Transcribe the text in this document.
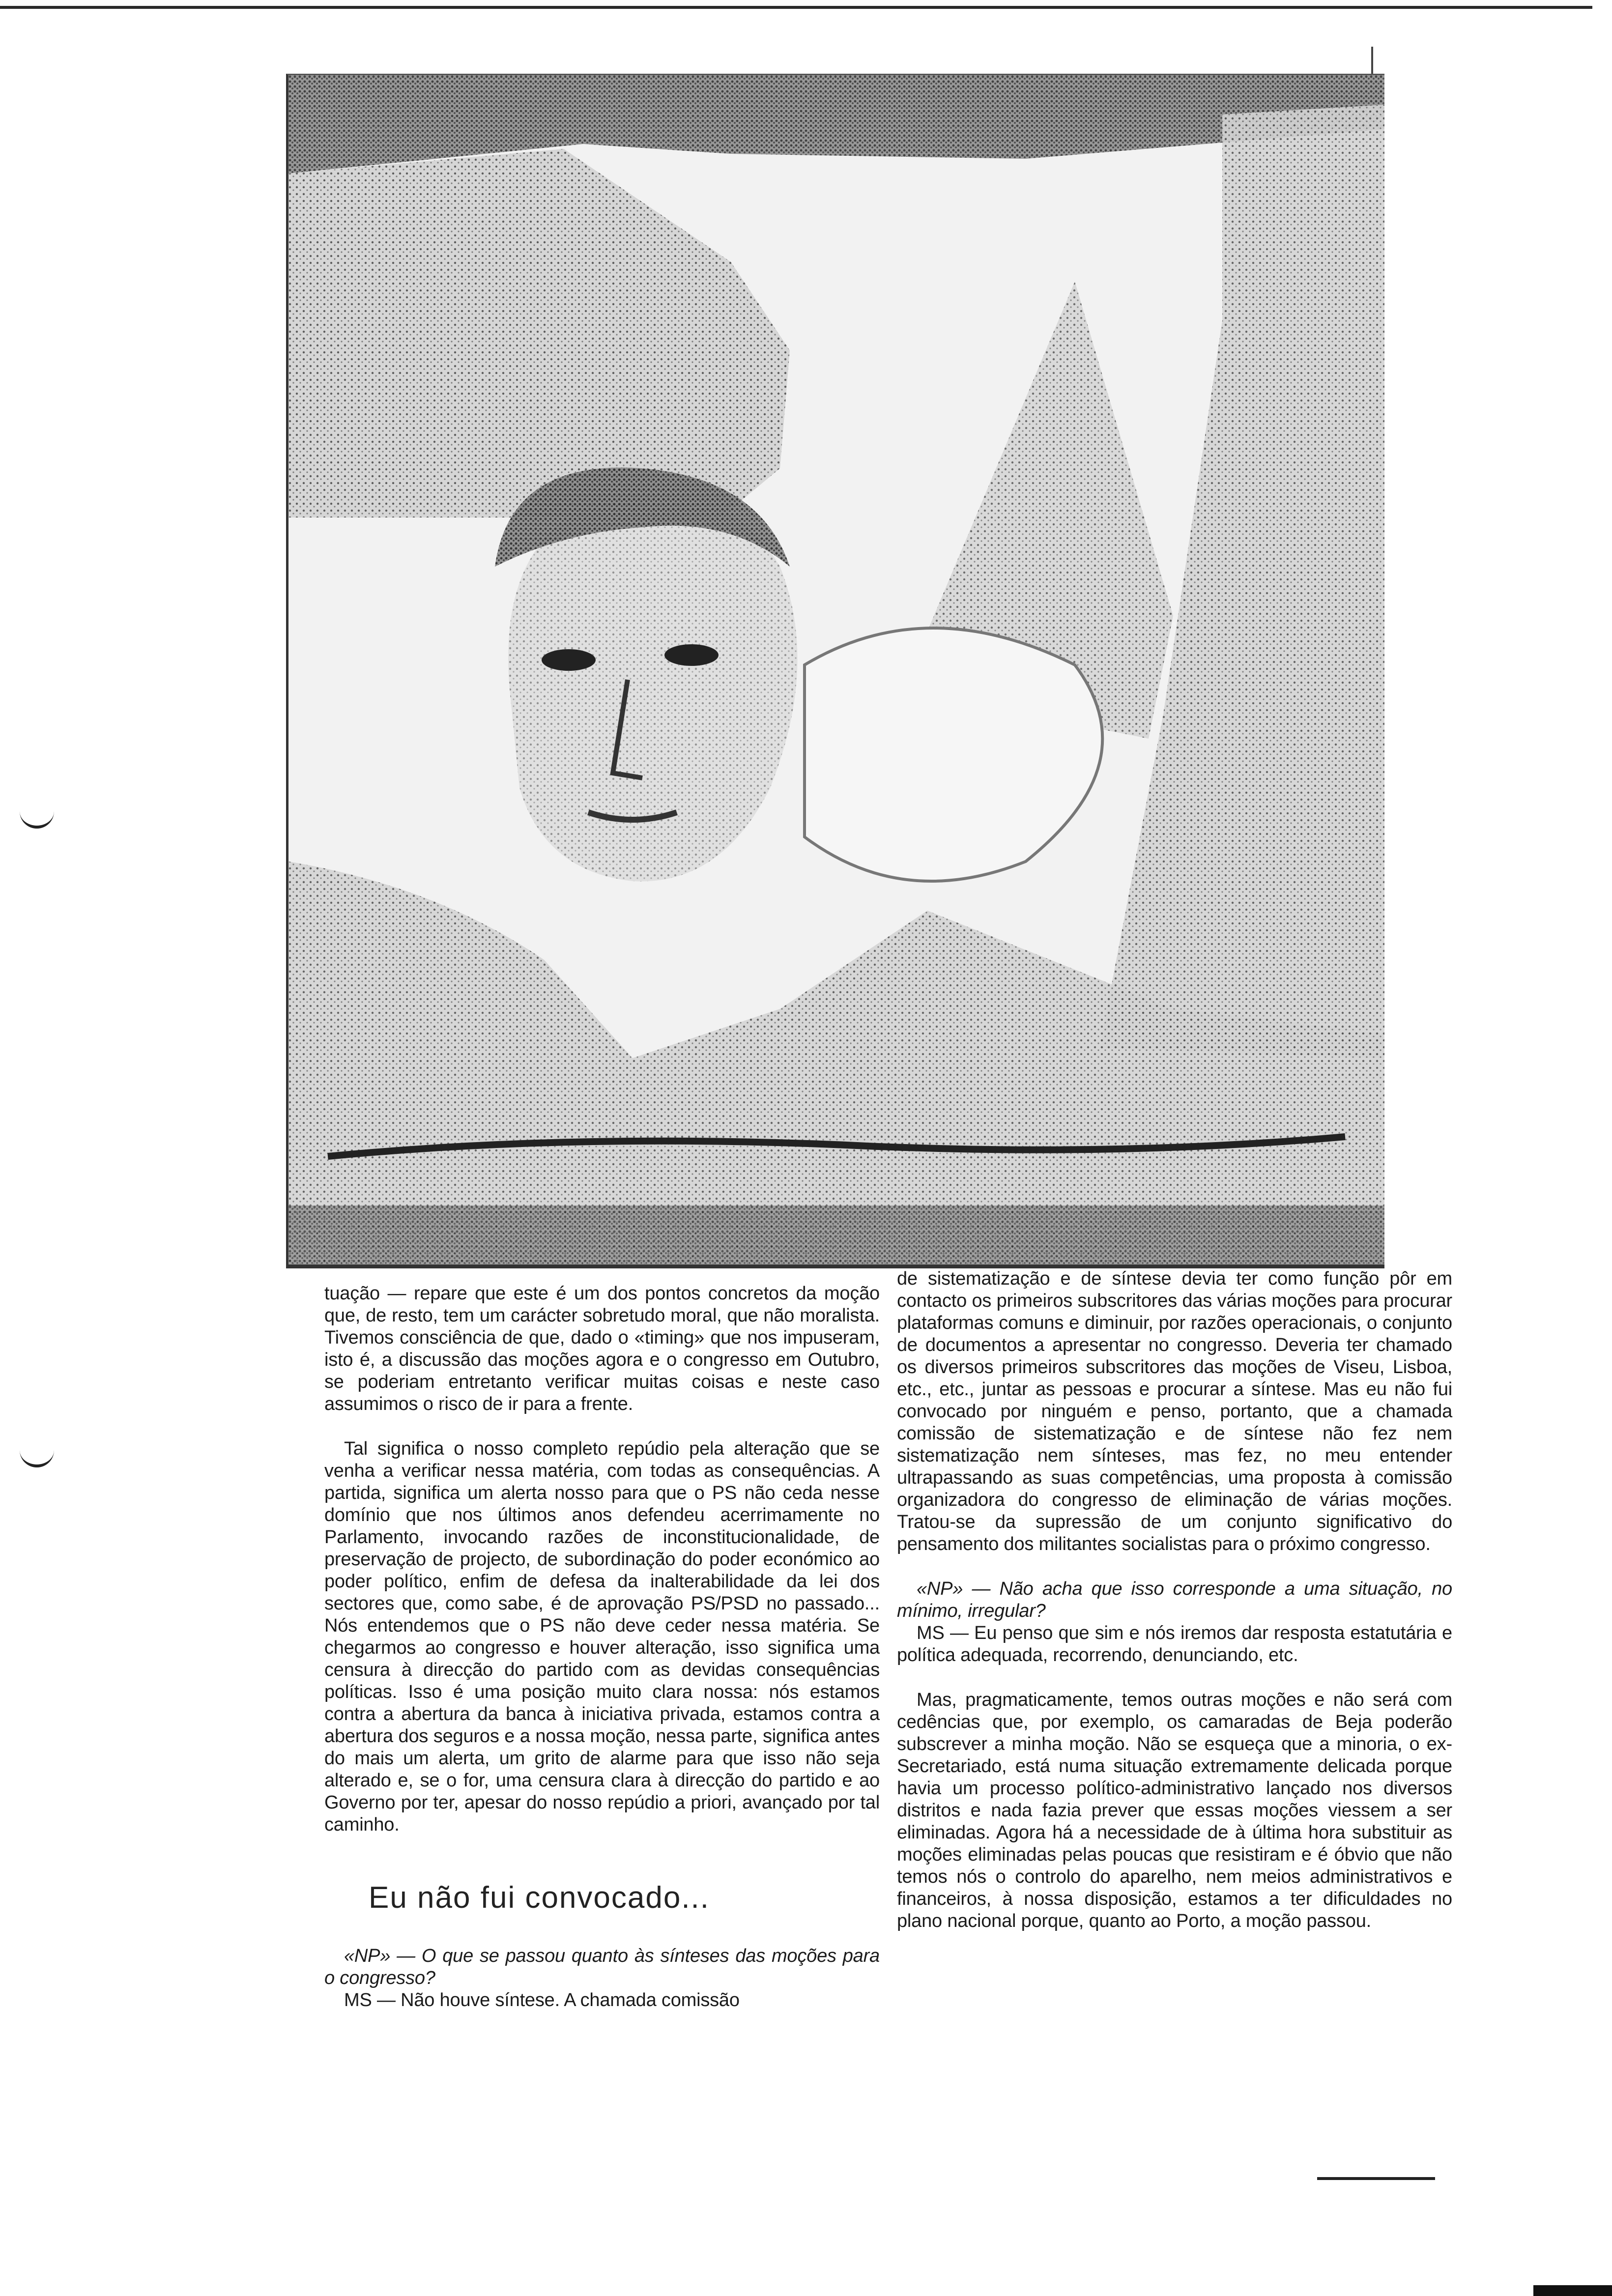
tuação — repare que este é um dos pontos concretos da moção que, de resto, tem um carácter sobretudo moral, que não moralista. Tivemos consciência de que, dado o «timing» que nos impuseram, isto é, a discussão das moções agora e o congresso em Outubro, se poderiam entretanto verificar muitas coisas e neste caso assumimos o risco de ir para a frente.

Tal significa o nosso completo repúdio pela alteração que se venha a verificar nessa matéria, com todas as consequências. A partida, significa um alerta nosso para que o PS não ceda nesse domínio que nos últimos anos defendeu acerrimamente no Parlamento, invocando razões de inconstitucionalidade, de preservação de projecto, de subordinação do poder económico ao poder político, enfim de defesa da inalterabilidade da lei dos sectores que, como sabe, é de aprovação PS/PSD no passado... Nós entendemos que o PS não deve ceder nessa matéria. Se chegarmos ao congresso e houver alteração, isso significa uma censura à direcção do partido com as devidas consequências políticas. Isso é uma posição muito clara nossa: nós estamos contra a abertura da banca à iniciativa privada, estamos contra a abertura dos seguros e a nossa moção, nessa parte, significa antes do mais um alerta, um grito de alarme para que isso não seja alterado e, se o for, uma censura clara à direcção do partido e ao Governo por ter, apesar do nosso repúdio a priori, avançado por tal caminho.

Eu não fui convocado...

«NP» — O que se passou quanto às sínteses das moções para o congresso?

MS — Não houve síntese. A chamada comissão

de sistematização e de síntese devia ter como função pôr em contacto os primeiros subscritores das várias moções para procurar plataformas comuns e diminuir, por razões operacionais, o conjunto de documentos a apresentar no congresso. Deveria ter chamado os diversos primeiros subscritores das moções de Viseu, Lisboa, etc., etc., juntar as pessoas e procurar a síntese. Mas eu não fui convocado por ninguém e penso, portanto, que a chamada comissão de sistematização e de síntese não fez nem sistematização nem sínteses, mas fez, no meu entender ultrapassando as suas competências, uma proposta à comissão organizadora do congresso de eliminação de várias moções. Tratou-se da supressão de um conjunto significativo do pensamento dos militantes socialistas para o próximo congresso.

«NP» — Não acha que isso corresponde a uma situação, no mínimo, irregular?

MS — Eu penso que sim e nós iremos dar resposta estatutária e política adequada, recorrendo, denunciando, etc.

Mas, pragmaticamente, temos outras moções e não será com cedências que, por exemplo, os camaradas de Beja poderão subscrever a minha moção. Não se esqueça que a minoria, o ex-Secretariado, está numa situação extremamente delicada porque havia um processo político-administrativo lançado nos diversos distritos e nada fazia prever que essas moções viessem a ser eliminadas. Agora há a necessidade de à última hora substituir as moções eliminadas pelas poucas que resistiram e é óbvio que não temos nós o controlo do aparelho, nem meios administrativos e financeiros, à nossa disposição, estamos a ter dificuldades no plano nacional porque, quanto ao Porto, a moção passou.
